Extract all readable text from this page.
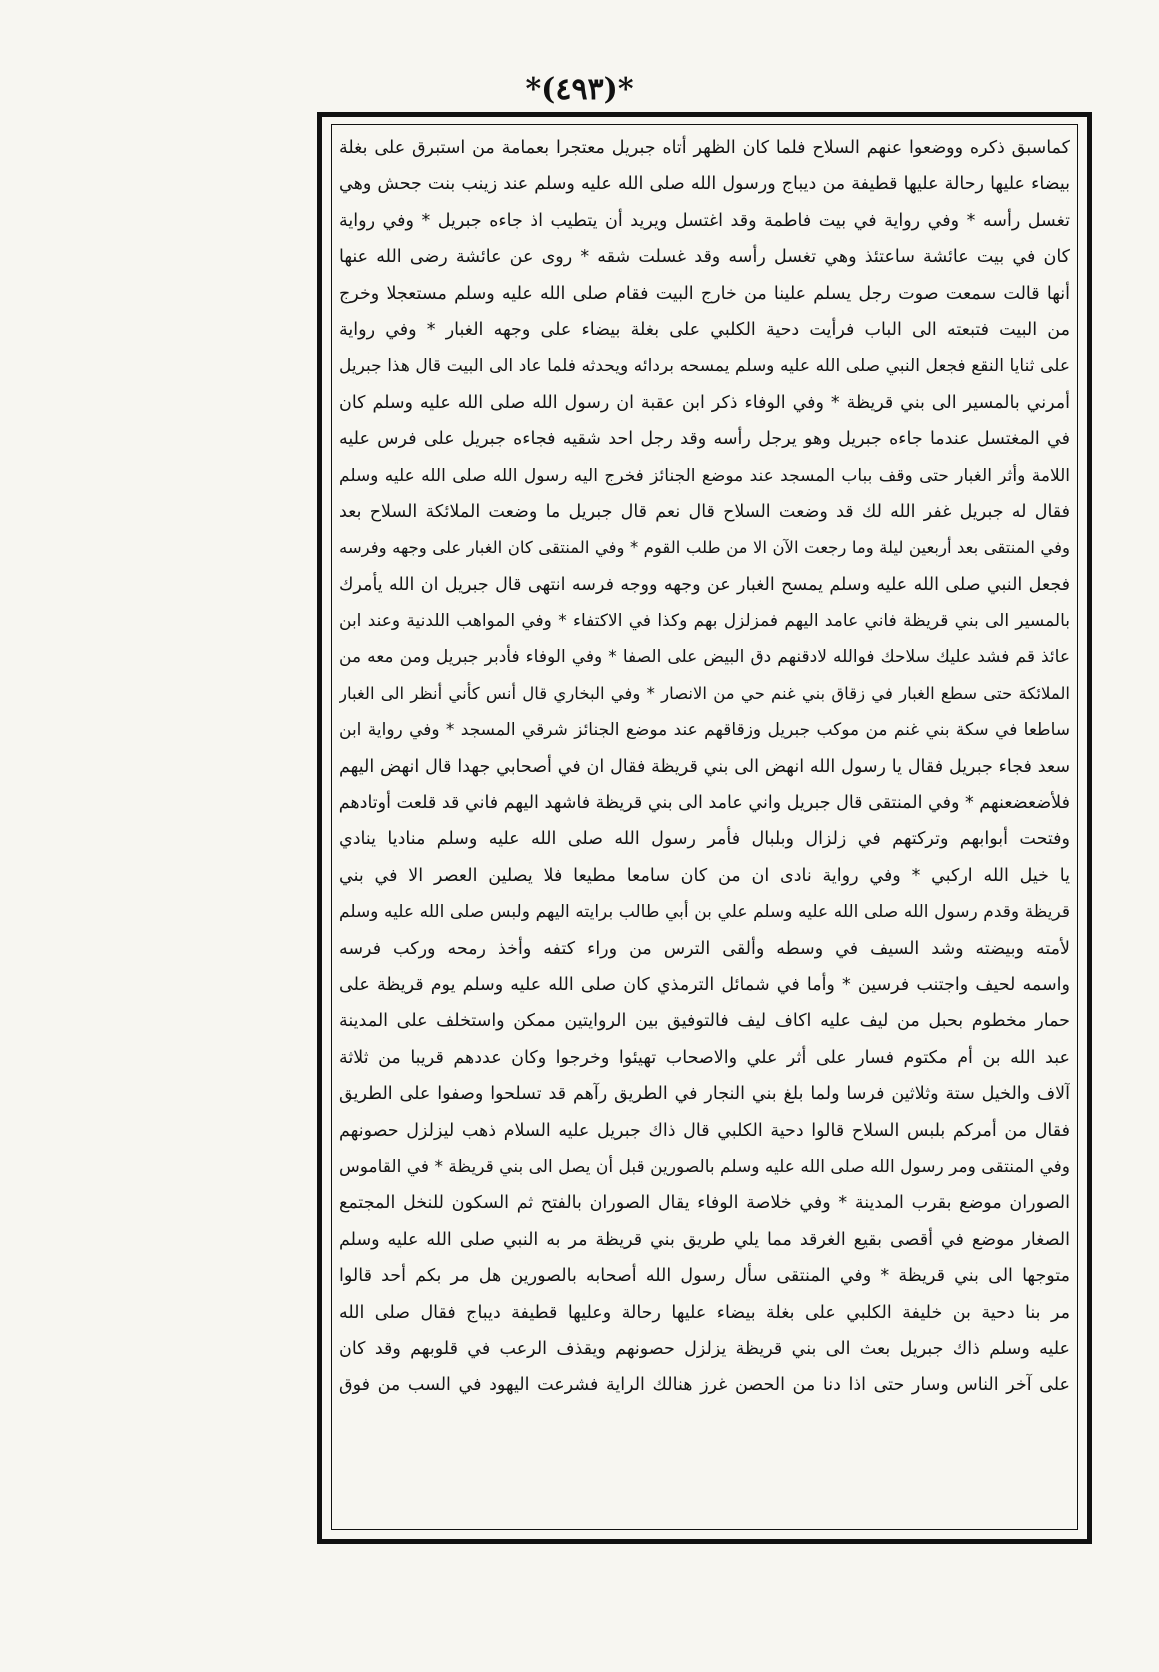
*(٤٩٣)*
كماسبق ذكره ووضعوا عنهم السلاح فلما كان الظهر أتاه جبريل معتجرا بعمامة من استبرق على بغلة
بيضاء عليها رحالة عليها قطيفة من ديباج ورسول الله صلى الله عليه وسلم عند زينب بنت جحش وهي
تغسل رأسه * وفي رواية في بيت فاطمة وقد اغتسل ويريد أن يتطيب اذ جاءه جبريل * وفي رواية
كان في بيت عائشة ساعتئذ وهي تغسل رأسه وقد غسلت شقه * روى عن عائشة رضى الله عنها
أنها قالت سمعت صوت رجل يسلم علينا من خارج البيت فقام صلى الله عليه وسلم مستعجلا وخرج
من البيت فتبعته الى الباب فرأيت دحية الكلبي على بغلة بيضاء على وجهه الغبار * وفي رواية
على ثنايا النقع فجعل النبي صلى الله عليه وسلم يمسحه بردائه ويحدثه فلما عاد الى البيت قال هذا جبريل
أمرني بالمسير الى بني قريظة * وفي الوفاء ذكر ابن عقبة ان رسول الله صلى الله عليه وسلم كان
في المغتسل عندما جاءه جبريل وهو يرجل رأسه وقد رجل احد شقيه فجاءه جبريل على فرس عليه
اللامة وأثر الغبار حتى وقف بباب المسجد عند موضع الجنائز فخرج اليه رسول الله صلى الله عليه وسلم
فقال له جبريل غفر الله لك قد وضعت السلاح قال نعم قال جبريل ما وضعت الملائكة السلاح بعد
وفي المنتقى بعد أربعين ليلة وما رجعت الآن الا من طلب القوم * وفي المنتقى كان الغبار على وجهه وفرسه
فجعل النبي صلى الله عليه وسلم يمسح الغبار عن وجهه ووجه فرسه انتهى قال جبريل ان الله يأمرك
بالمسير الى بني قريظة فاني عامد اليهم فمزلزل بهم وكذا في الاكتفاء * وفي المواهب اللدنية وعند ابن
عائذ قم فشد عليك سلاحك فوالله لادقنهم دق البيض على الصفا * وفي الوفاء فأدبر جبريل ومن معه من
الملائكة حتى سطع الغبار في زقاق بني غنم حي من الانصار * وفي البخاري قال أنس كأني أنظر الى الغبار
ساطعا في سكة بني غنم من موكب جبريل وزقاقهم عند موضع الجنائز شرقي المسجد * وفي رواية ابن
سعد فجاء جبريل فقال يا رسول الله انهض الى بني قريظة فقال ان في أصحابي جهدا قال انهض اليهم
فلأضعضعنهم * وفي المنتقى قال جبريل واني عامد الى بني قريظة فاشهد اليهم فاني قد قلعت أوتادهم
وفتحت أبوابهم وتركتهم في زلزال وبلبال فأمر رسول الله صلى الله عليه وسلم مناديا ينادي
يا خيل الله اركبي * وفي رواية نادى ان من كان سامعا مطيعا فلا يصلين العصر الا في بني
قريظة وقدم رسول الله صلى الله عليه وسلم علي بن أبي طالب برايته اليهم ولبس صلى الله عليه وسلم
لأمته وبيضته وشد السيف في وسطه وألقى الترس من وراء كتفه وأخذ رمحه وركب فرسه
واسمه لحيف واجتنب فرسين * وأما في شمائل الترمذي كان صلى الله عليه وسلم يوم قريظة على
حمار مخطوم بحبل من ليف عليه اكاف ليف فالتوفيق بين الروايتين ممكن واستخلف على المدينة
عبد الله بن أم مكتوم فسار على أثر علي والاصحاب تهيئوا وخرجوا وكان عددهم قريبا من ثلاثة
آلاف والخيل ستة وثلاثين فرسا ولما بلغ بني النجار في الطريق رآهم قد تسلحوا وصفوا على الطريق
فقال من أمركم بلبس السلاح قالوا دحية الكلبي قال ذاك جبريل عليه السلام ذهب ليزلزل حصونهم
وفي المنتقى ومر رسول الله صلى الله عليه وسلم بالصورين قبل أن يصل الى بني قريظة * في القاموس
الصوران موضع بقرب المدينة * وفي خلاصة الوفاء يقال الصوران بالفتح ثم السكون للنخل المجتمع
الصغار موضع في أقصى بقيع الغرقد مما يلي طريق بني قريظة مر به النبي صلى الله عليه وسلم
متوجها الى بني قريظة * وفي المنتقى سأل رسول الله أصحابه بالصورين هل مر بكم أحد قالوا
مر بنا دحية بن خليفة الكلبي على بغلة بيضاء عليها رحالة وعليها قطيفة ديباج فقال صلى الله
عليه وسلم ذاك جبريل بعث الى بني قريظة يزلزل حصونهم ويقذف الرعب في قلوبهم وقد كان
على آخر الناس وسار حتى اذا دنا من الحصن غرز هنالك الراية فشرعت اليهود في السب من فوق
